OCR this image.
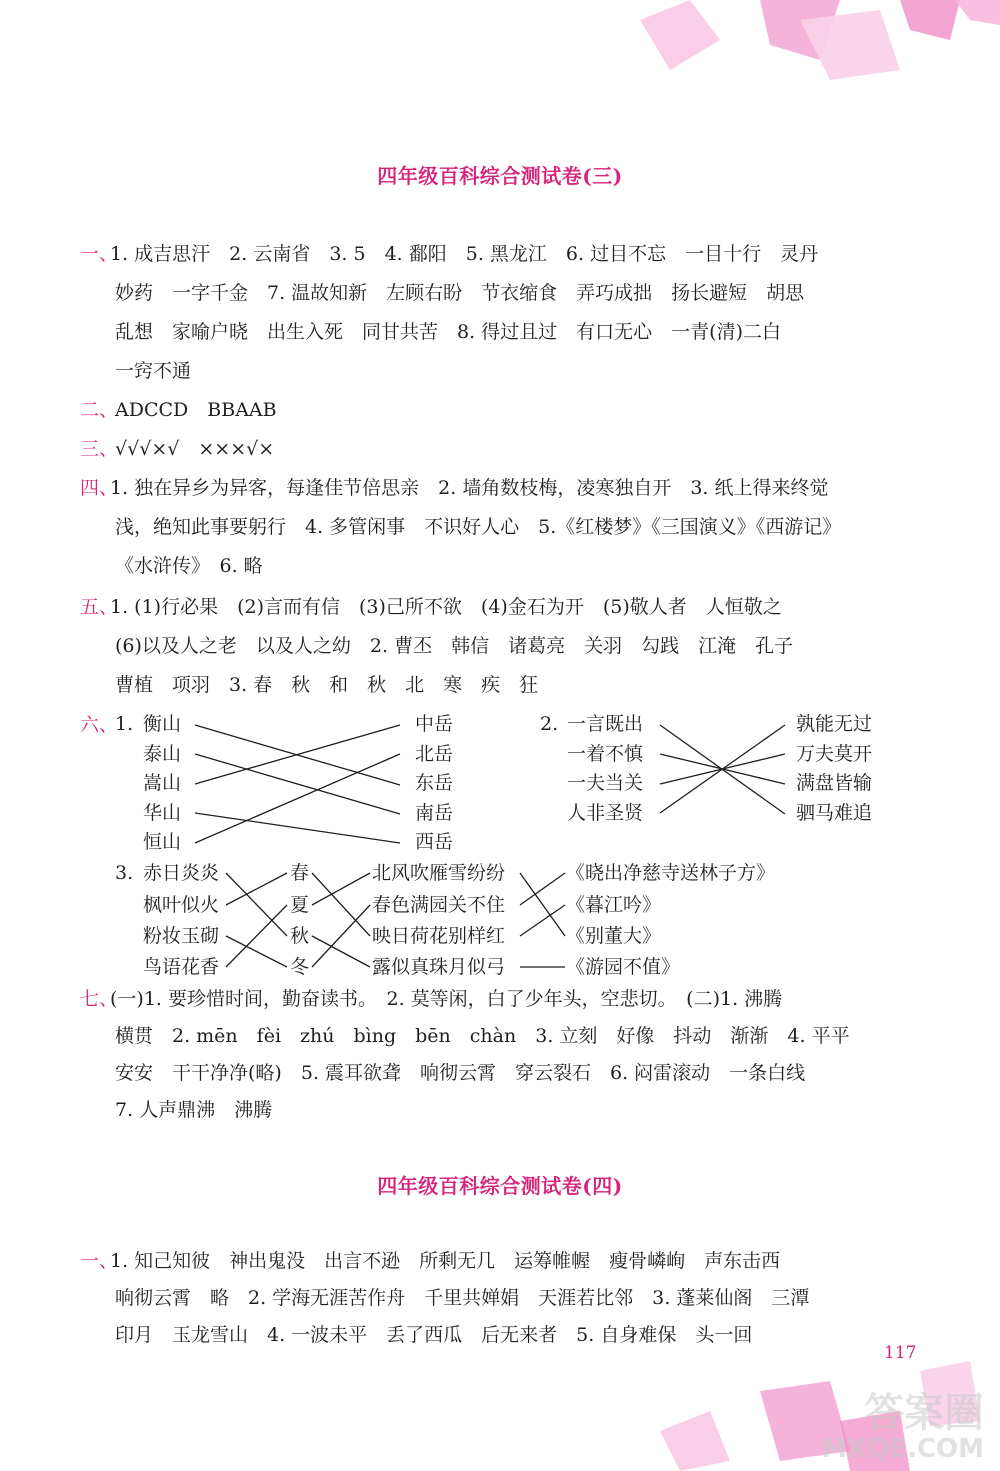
四年级百科综合测试卷(三)
一、
1. 成吉思汗　2. 云南省　3. 5　4. 鄱阳　5. 黑龙江　6. 过目不忘　一目十行　灵丹
妙药　一字千金　7. 温故知新　左顾右盼　节衣缩食　弄巧成拙　扬长避短　胡思
乱想　家喻户晓　出生入死　同甘共苦　8. 得过且过　有口无心　一青(清)二白
一窍不通
二、
ADCCD　BBAAB
三、
√√√×√　×××√×
四、
1. 独在异乡为异客，每逢佳节倍思亲　2. 墙角数枝梅，凌寒独自开　3. 纸上得来终觉
浅，绝知此事要躬行　4. 多管闲事　不识好人心　5.《红楼梦》《三国演义》《西游记》
《水浒传》　6. 略
五、
1. (1)行必果　(2)言而有信　(3)己所不欲　(4)金石为开　(5)敬人者　人恒敬之
(6)以及人之老　以及人之幼　2. 曹丕　韩信　诸葛亮　关羽　勾践　江淹　孔子
曹植　项羽　3. 春　秋　和　秋　北　寒　疾　狂
六、
1. 衡山
泰山
嵩山
华山
恒山
中岳
北岳
东岳
南岳
西岳
2. 一言既出
一着不慎
一夫当关
人非圣贤
孰能无过
万夫莫开
满盘皆输
驷马难追
3. 赤日炎炎
枫叶似火
粉妆玉砌
鸟语花香
春
夏
秋
冬
北风吹雁雪纷纷
春色满园关不住
映日荷花别样红
露似真珠月似弓
《晓出净慈寺送林子方》
《暮江吟》
《别董大》
《游园不值》
七、
(一)1. 要珍惜时间，勤奋读书。　2. 莫等闲，白了少年头，空悲切。　(二)1. 沸腾
横贯　2. mēn　fèi　zhú　bìng　bēn　chàn　3. 立刻　好像　抖动　渐渐　4. 平平
安安　干干净净(略)　5. 震耳欲聋　响彻云霄　穿云裂石　6. 闷雷滚动　一条白线
7. 人声鼎沸　沸腾
四年级百科综合测试卷(四)
一、
1. 知己知彼　神出鬼没　出言不逊　所剩无几　运筹帷幄　瘦骨嶙峋　声东击西
响彻云霄　略　2. 学海无涯苦作舟　千里共婵娟　天涯若比邻　3. 蓬莱仙阁　三潭
印月　玉龙雪山　4. 一波未平　丢了西瓜　后无来者　5. 自身难保　头一回
117
答案圈
MXQE.COM
